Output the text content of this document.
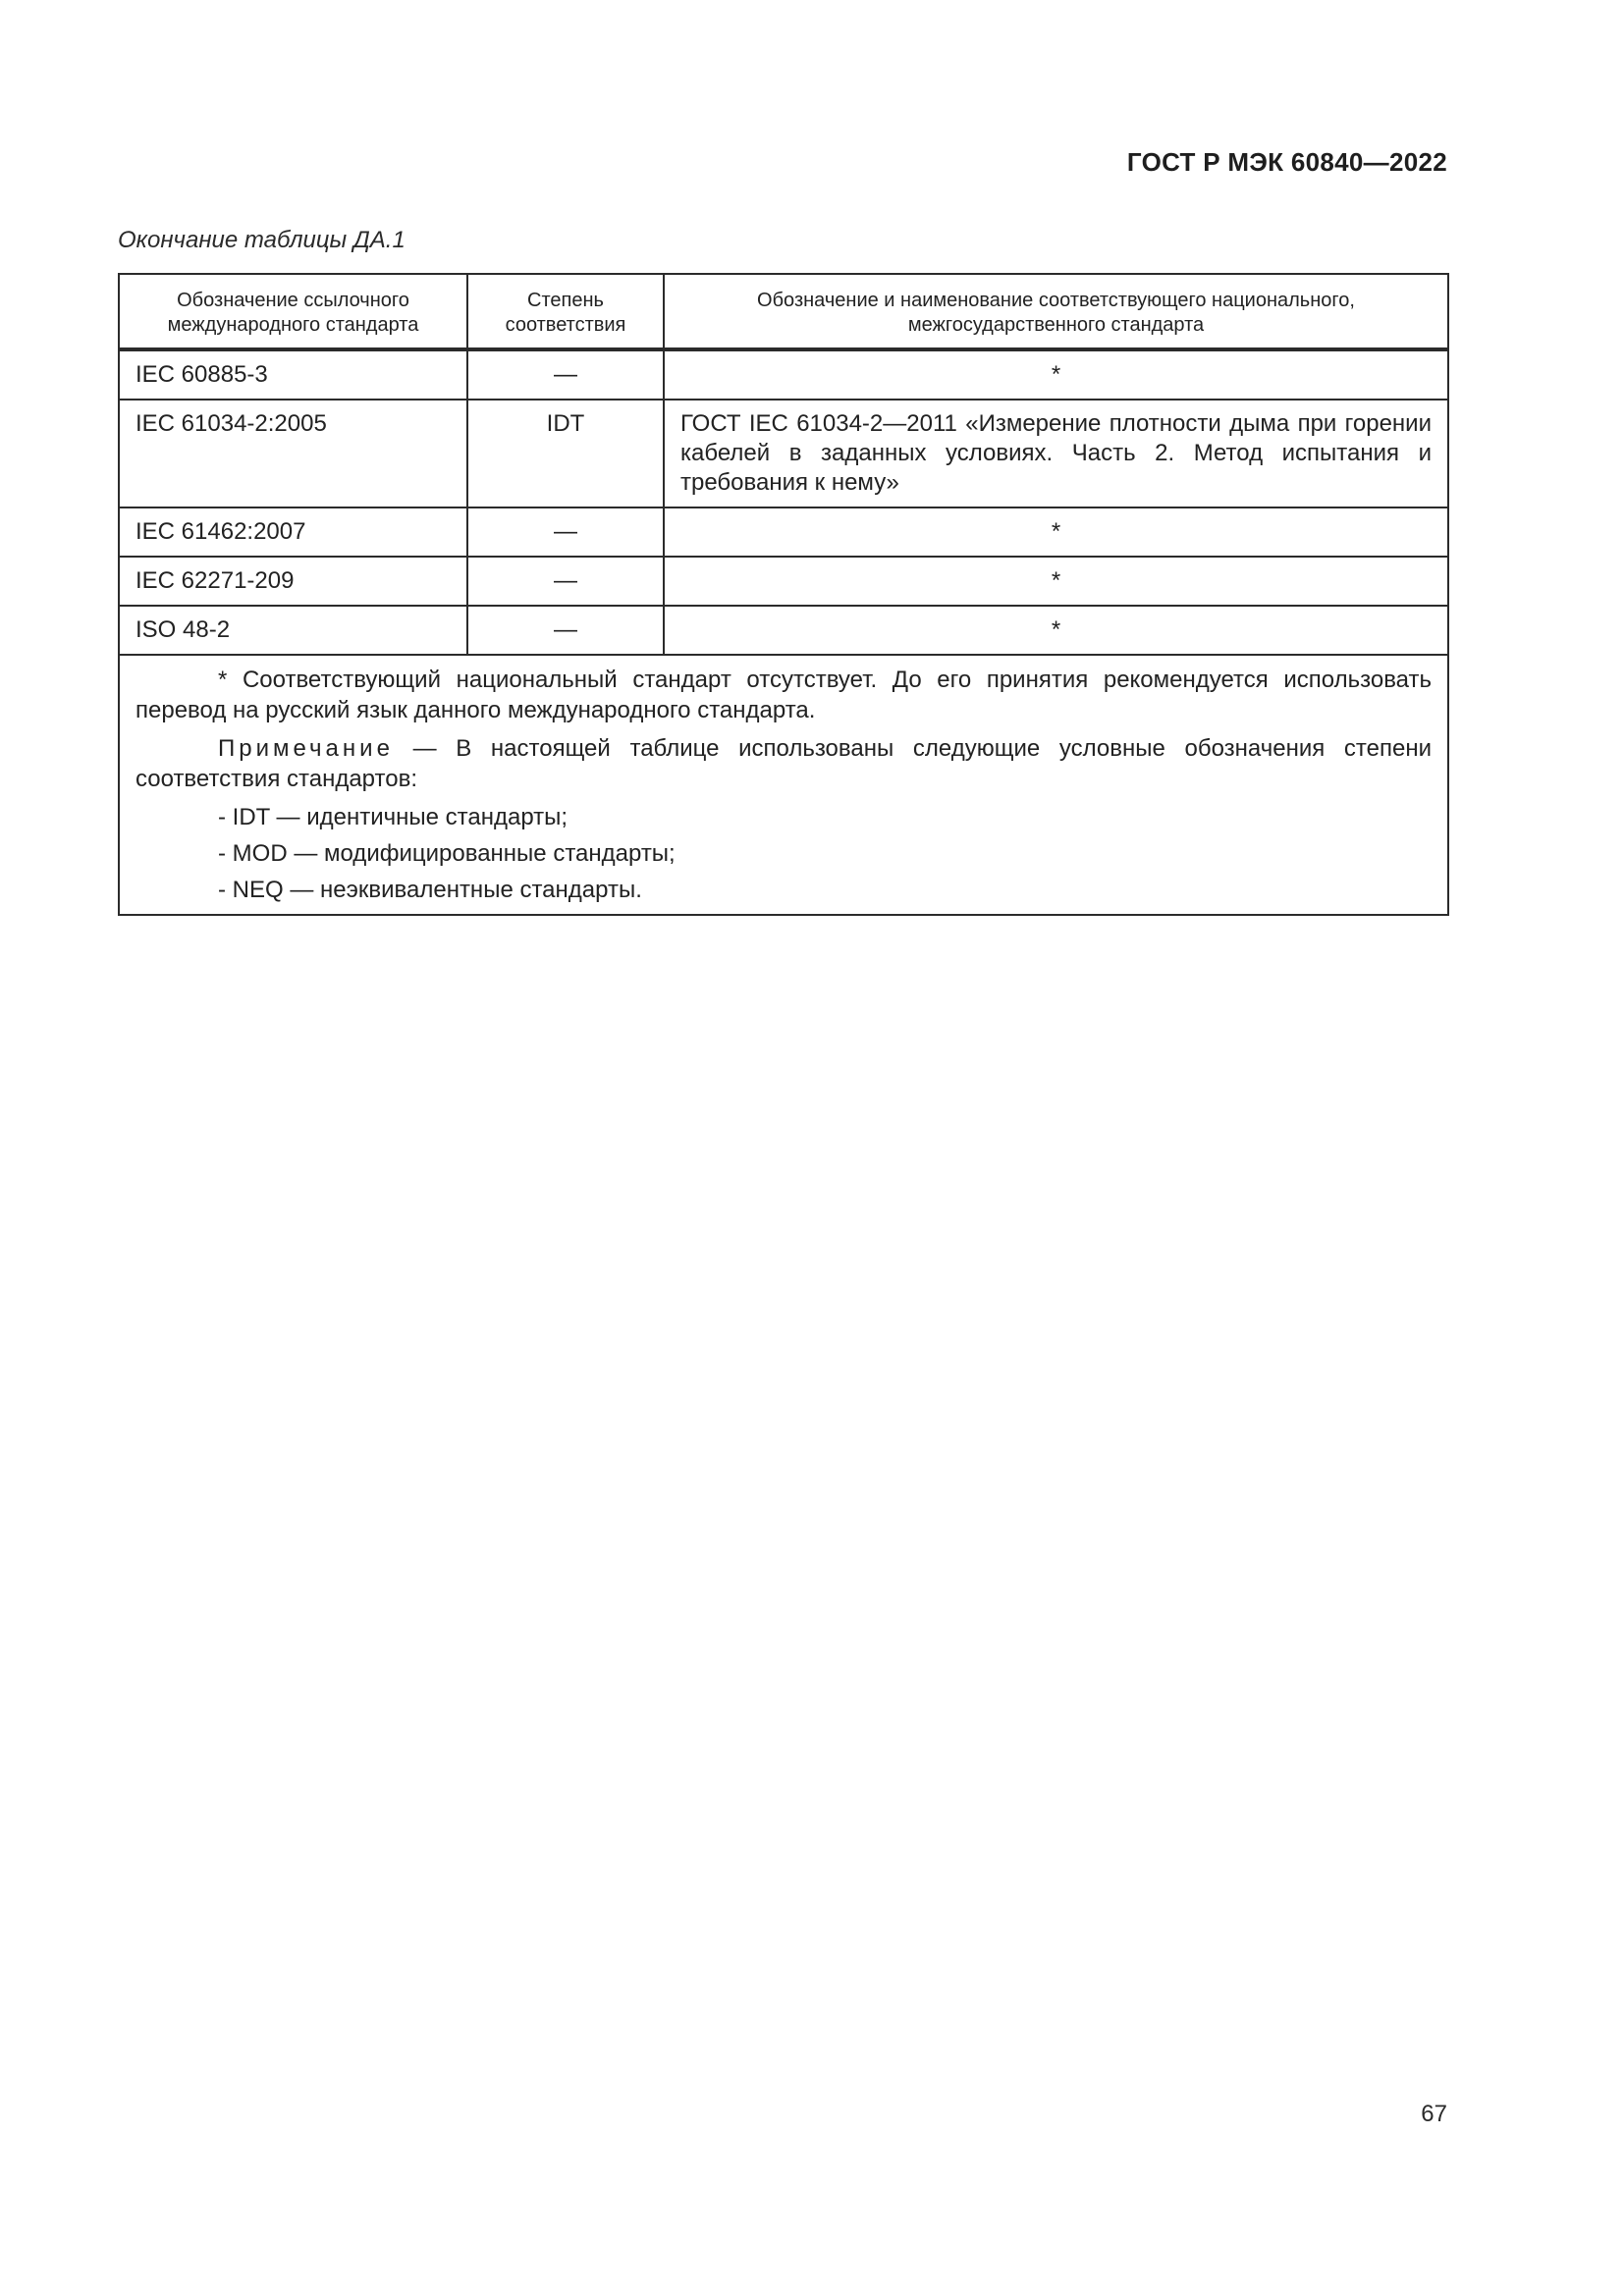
ГОСТ Р МЭК 60840—2022
Окончание таблицы ДА.1
Обозначение ссылочного международного стандарта	Степень соответствия	Обозначение и наименование соответствующего национального, межгосударственного стандарта
IEC 60885-3	—	*
IEC 61034-2:2005	IDT	ГОСТ IEC 61034-2—2011 «Измерение плотности дыма при горении кабелей в заданных условиях. Часть 2. Метод испытания и требования к нему»
IEC 61462:2007	—	*
IEC 62271-209	—	*
ISO 48-2	—	*

* Соответствующий национальный стандарт отсутствует. До его принятия рекомендуется использовать перевод на русский язык данного международного стандарта.

Примечание — В настоящей таблице использованы следующие условные обозначения степени соответствия стандартов:

- IDT — идентичные стандарты;
- MOD — модифицированные стандарты;
- NEQ — неэквивалентные стандарты.		
67
